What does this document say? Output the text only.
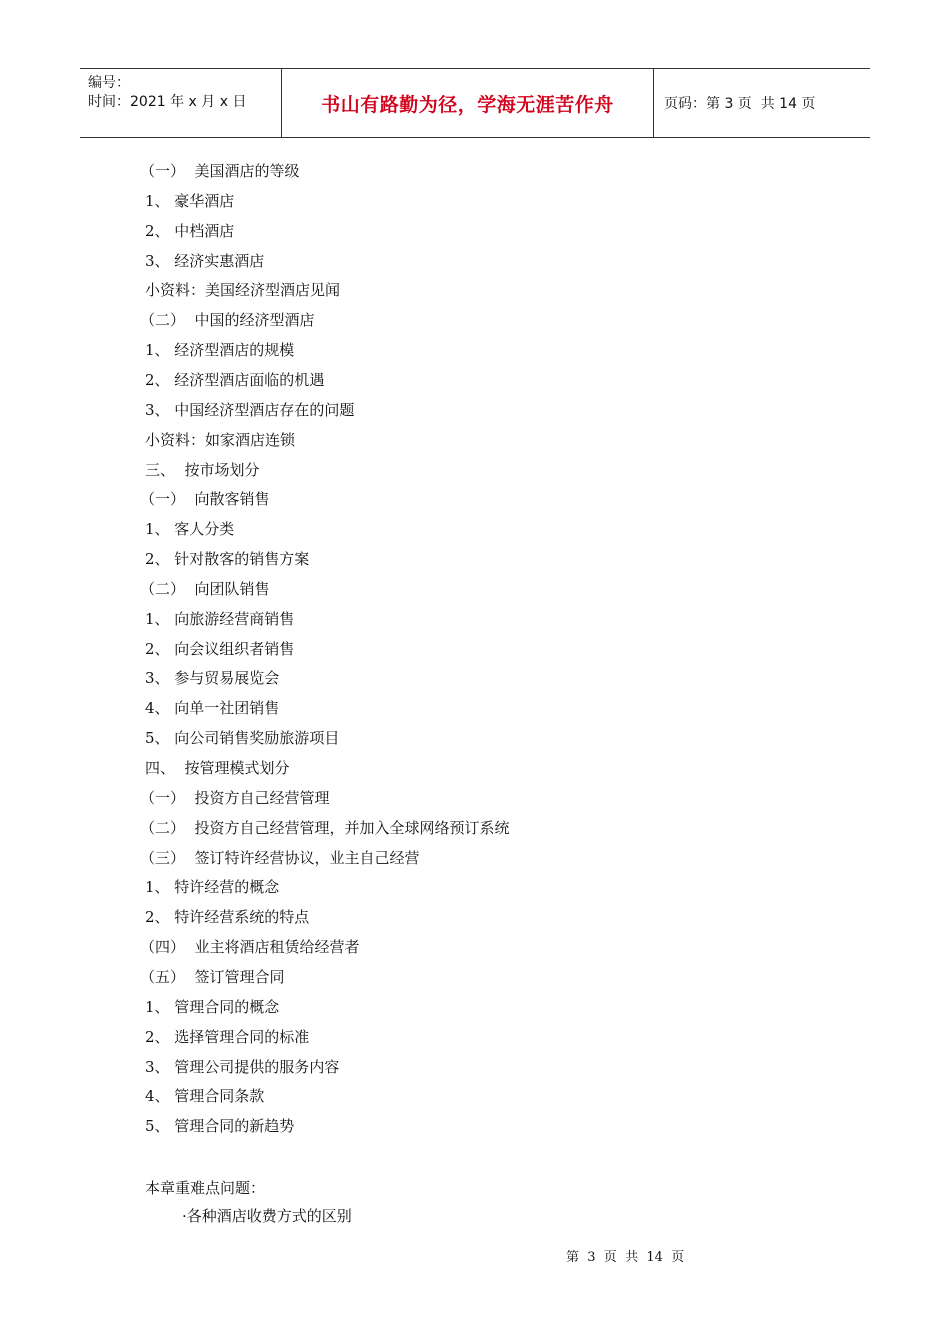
编号：
时间：2021 年 x 月 x 日	书山有路勤为径，学海无涯苦作舟	页码：第 3 页  共 14 页
（一）  美国酒店的等级
1、 豪华酒店
2、 中档酒店
3、 经济实惠酒店
小资料：美国经济型酒店见闻
（二）  中国的经济型酒店
1、 经济型酒店的规模
2、 经济型酒店面临的机遇
3、 中国经济型酒店存在的问题
小资料：如家酒店连锁
三、  按市场划分
（一）  向散客销售
1、 客人分类
2、 针对散客的销售方案
（二）  向团队销售
1、 向旅游经营商销售
2、 向会议组织者销售
3、 参与贸易展览会
4、 向单一社团销售
5、 向公司销售奖励旅游项目
四、  按管理模式划分
（一）  投资方自己经营管理
（二）  投资方自己经营管理，并加入全球网络预订系统
（三）  签订特许经营协议，业主自己经营
1、 特许经营的概念
2、 特许经营系统的特点
（四）  业主将酒店租赁给经营者
（五）  签订管理合同
1、 管理合同的概念
2、 选择管理合同的标准
3、 管理公司提供的服务内容
4、 管理合同条款
5、 管理合同的新趋势
本章重难点问题：
·各种酒店收费方式的区别
第  3  页  共  14  页
